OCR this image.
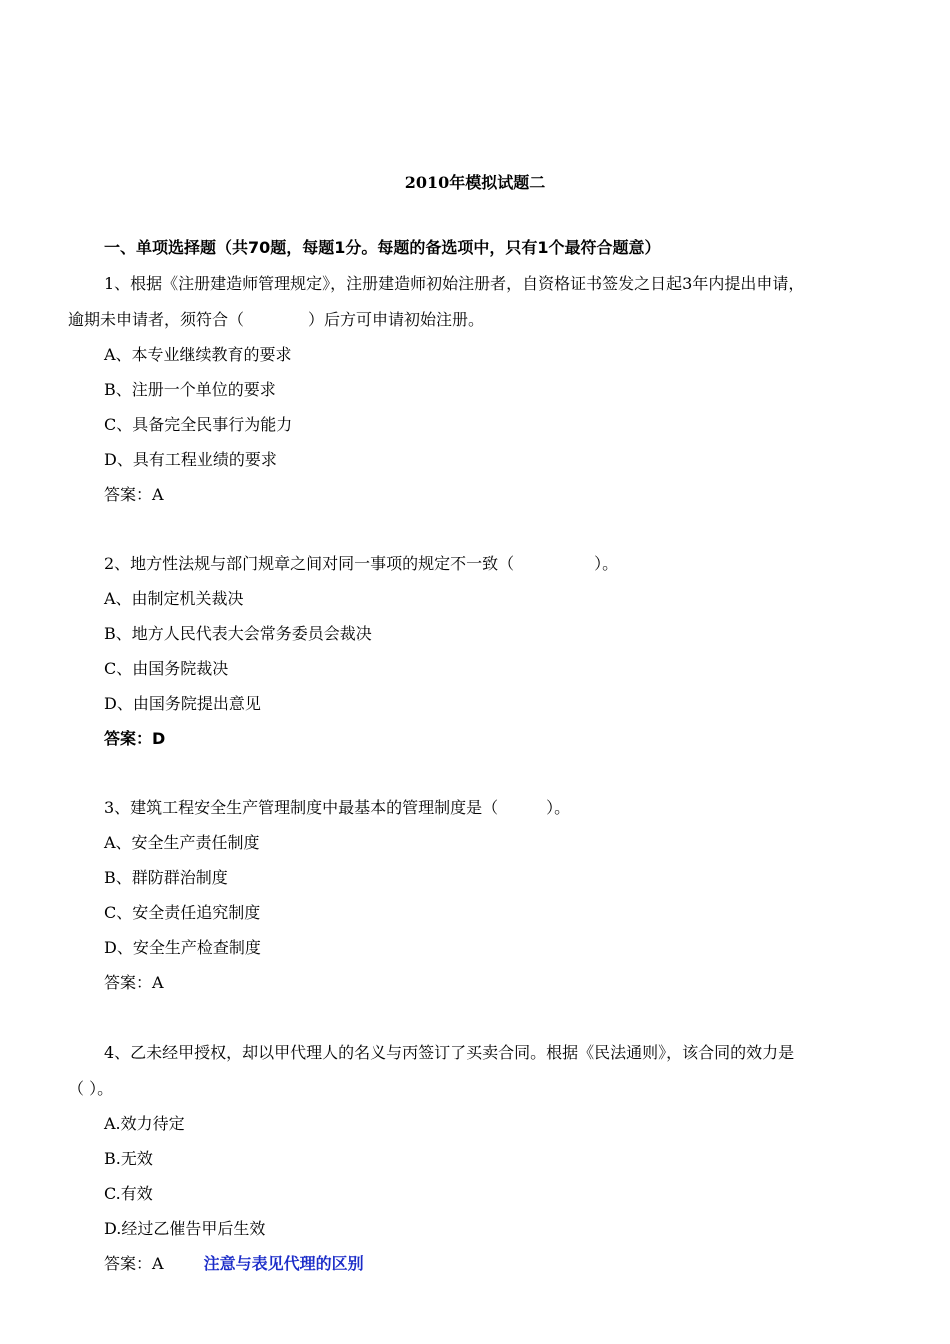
2010年模拟试题二
一、单项选择题（共70题，每题1分。每题的备选项中，只有1个最符合题意）
1、根据《注册建造师管理规定》，注册建造师初始注册者，自资格证书签发之日起3年内提出申请，
逾期未申请者，须符合（　　　　）后方可申请初始注册。
A、本专业继续教育的要求
B、注册一个单位的要求
C、具备完全民事行为能力
D、具有工程业绩的要求
答案：A
2、地方性法规与部门规章之间对同一事项的规定不一致（　　　　　）。
A、由制定机关裁决
B、地方人民代表大会常务委员会裁决
C、由国务院裁决
D、由国务院提出意见
答案：D
3、建筑工程安全生产管理制度中最基本的管理制度是（　　　）。
A、安全生产责任制度
B、群防群治制度
C、安全责任追究制度
D、安全生产检查制度
答案：A
4、乙未经甲授权，却以甲代理人的名义与丙签订了买卖合同。根据《民法通则》，该合同的效力是
（ ）。
A.效力待定
B.无效
C.有效
D.经过乙催告甲后生效
答案：A	注意与表见代理的区别
